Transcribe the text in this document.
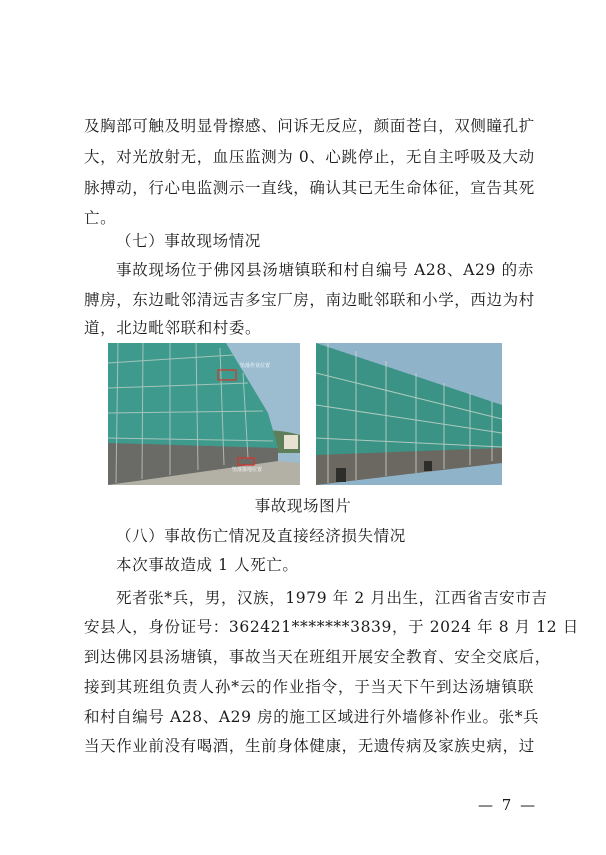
及胸部可触及明显骨擦感、问诉无反应，颜面苍白，双侧瞳孔扩
大，对光放射无，血压监测为 0、心跳停止，无自主呼吸及大动
脉搏动，行心电监测示一直线，确认其已无生命体征，宣告其死
亡。
（七）事故现场情况
事故现场位于佛冈县汤塘镇联和村自编号 A28、A29 的赤
膊房，东边毗邻清远吉多宝厂房，南边毗邻联和小学，西边为村
道，北边毗邻联和村委。
坠落作业位置
坠落接地位置
事故现场图片
（八）事故伤亡情况及直接经济损失情况
本次事故造成 1 人死亡。
死者张*兵，男，汉族，1979 年 2 月出生，江西省吉安市吉
安县人，身份证号：362421*******3839，于 2024 年 8 月 12 日
到达佛冈县汤塘镇，事故当天在班组开展安全教育、安全交底后，
接到其班组负责人孙*云的作业指令，于当天下午到达汤塘镇联
和村自编号 A28、A29 房的施工区域进行外墙修补作业。张*兵
当天作业前没有喝酒，生前身体健康，无遗传病及家族史病，过
— 7 —
